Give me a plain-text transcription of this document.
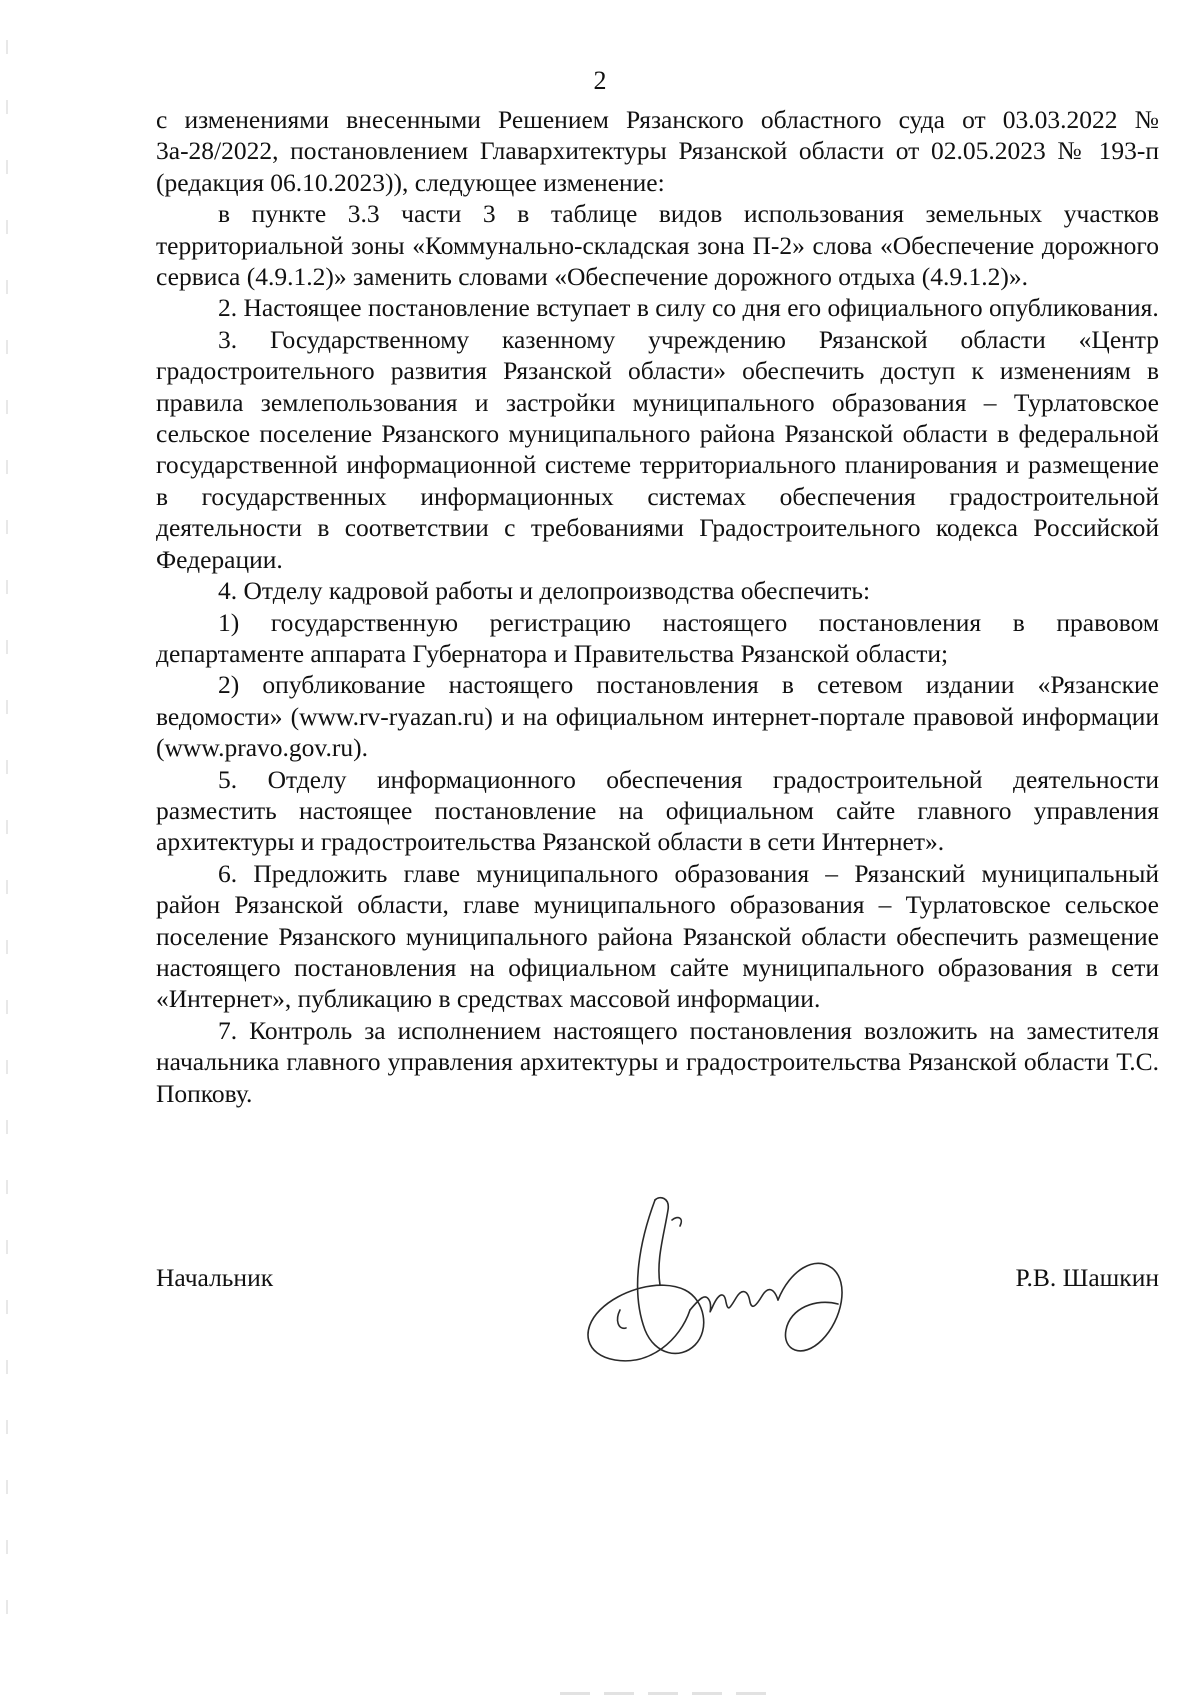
2

с изменениями внесенными Решением Рязанского областного суда от 03.03.2022 № 3а-28/2022, постановлением Главархитектуры Рязанской области от 02.05.2023 № 193-п (редакция 06.10.2023)), следующее изменение:

в пункте 3.3 части 3 в таблице видов использования земельных участков территориальной зоны «Коммунально-складская зона П-2» слова «Обеспечение дорожного сервиса (4.9.1.2)» заменить словами «Обеспечение дорожного отдыха (4.9.1.2)».

2. Настоящее постановление вступает в силу со дня его официального опубликования.

3. Государственному казенному учреждению Рязанской области «Центр градостроительного развития Рязанской области» обеспечить доступ к изменениям в правила землепользования и застройки муниципального образования – Турлатовское сельское поселение Рязанского муниципального района Рязанской области в федеральной государственной информационной системе территориального планирования и размещение в государственных информационных системах обеспечения градостроительной деятельности в соответствии с требованиями Градостроительного кодекса Российской Федерации.

4. Отделу кадровой работы и делопроизводства обеспечить:

1) государственную регистрацию настоящего постановления в правовом департаменте аппарата Губернатора и Правительства Рязанской области;

2) опубликование настоящего постановления в сетевом издании «Рязанские ведомости» (www.rv-ryazan.ru) и на официальном интернет-портале правовой информации (www.pravo.gov.ru).

5. Отделу информационного обеспечения градостроительной деятельности разместить настоящее постановление на официальном сайте главного управления архитектуры и градостроительства Рязанской области в сети Интернет».

6. Предложить главе муниципального образования – Рязанский муниципальный район Рязанской области, главе муниципального образования – Турлатовское сельское поселение Рязанского муниципального района Рязанской области обеспечить размещение настоящего постановления на официальном сайте муниципального образования в сети «Интернет», публикацию в средствах массовой информации.

7. Контроль за исполнением настоящего постановления возложить на заместителя начальника главного управления архитектуры и градостроительства Рязанской области Т.С. Попкову.

Начальник	Р.В. Шашкин
